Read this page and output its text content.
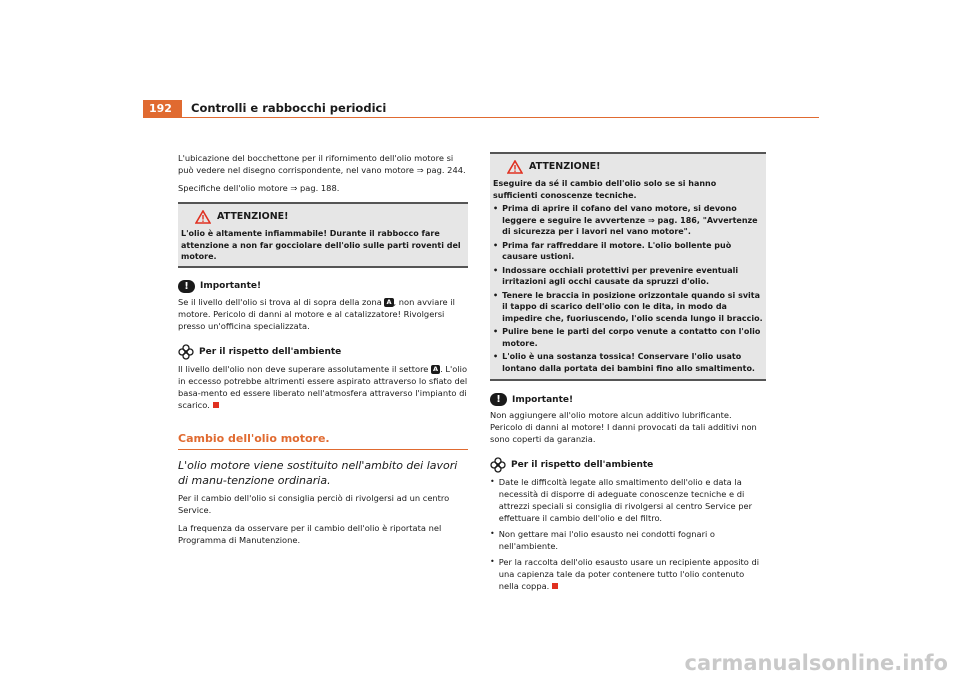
192	Controlli e rabbocchi periodici

L'ubicazione del bocchettone per il rifornimento dell'olio motore si può vedere nel disegno corrispondente, nel vano motore ⇒ pag. 244.

Specifiche dell'olio motore ⇒ pag. 188.

ATTENZIONE!
L'olio è altamente infiammabile! Durante il rabbocco fare attenzione a non far gocciolare dell'olio sulle parti roventi del motore.
!	Importante!

Se il livello dell'olio si trova al di sopra della zona A , non avviare il motore. Pericolo di danni al motore e al catalizzatore! Rivolgersi presso un'officina specializzata.

Per il rispetto dell'ambiente

Il livello dell'olio non deve superare assolutamente il settore A . L'olio in eccesso potrebbe altrimenti essere aspirato attraverso lo sfiato del basa-mento ed essere liberato nell'atmosfera attraverso l'impianto di scarico.

Cambio dell'olio motore.
L'olio motore viene sostituito nell'ambito dei lavori di manu-tenzione ordinaria.

Per il cambio dell'olio si consiglia perciò di rivolgersi ad un centro Service.

La frequenza da osservare per il cambio dell'olio è riportata nel Programma di Manutenzione.

ATTENZIONE!
Eseguire da sé il cambio dell'olio solo se si hanno sufficienti conoscenze tecniche.
• Prima di aprire il cofano del vano motore, si devono leggere e seguire le avvertenze ⇒ pag. 186, "Avvertenze di sicurezza per i lavori nel vano motore".
• Prima far raffreddare il motore. L'olio bollente può causare ustioni.
• Indossare occhiali protettivi per prevenire eventuali irritazioni agli occhi causate da spruzzi d'olio.
• Tenere le braccia in posizione orizzontale quando si svita il tappo di scarico dell'olio con le dita, in modo da impedire che, fuoriuscendo, l'olio scenda lungo il braccio.
• Pulire bene le parti del corpo venute a contatto con l'olio motore.
• L'olio è una sostanza tossica! Conservare l'olio usato lontano dalla portata dei bambini fino allo smaltimento.
!	Importante!

Non aggiungere all'olio motore alcun additivo lubrificante. Pericolo di danni al motore! I danni provocati da tali additivi non sono coperti da garanzia.

Per il rispetto dell'ambiente
• Date le difficoltà legate allo smaltimento dell'olio e data la necessità di disporre di adeguate conoscenze tecniche e di attrezzi speciali si consiglia di rivolgersi al centro Service per effettuare il cambio dell'olio e del filtro.
• Non gettare mai l'olio esausto nei condotti fognari o nell'ambiente.
• Per la raccolta dell'olio esausto usare un recipiente apposito di una capienza tale da poter contenere tutto l'olio contenuto nella coppa.
carmanualsonline.info
